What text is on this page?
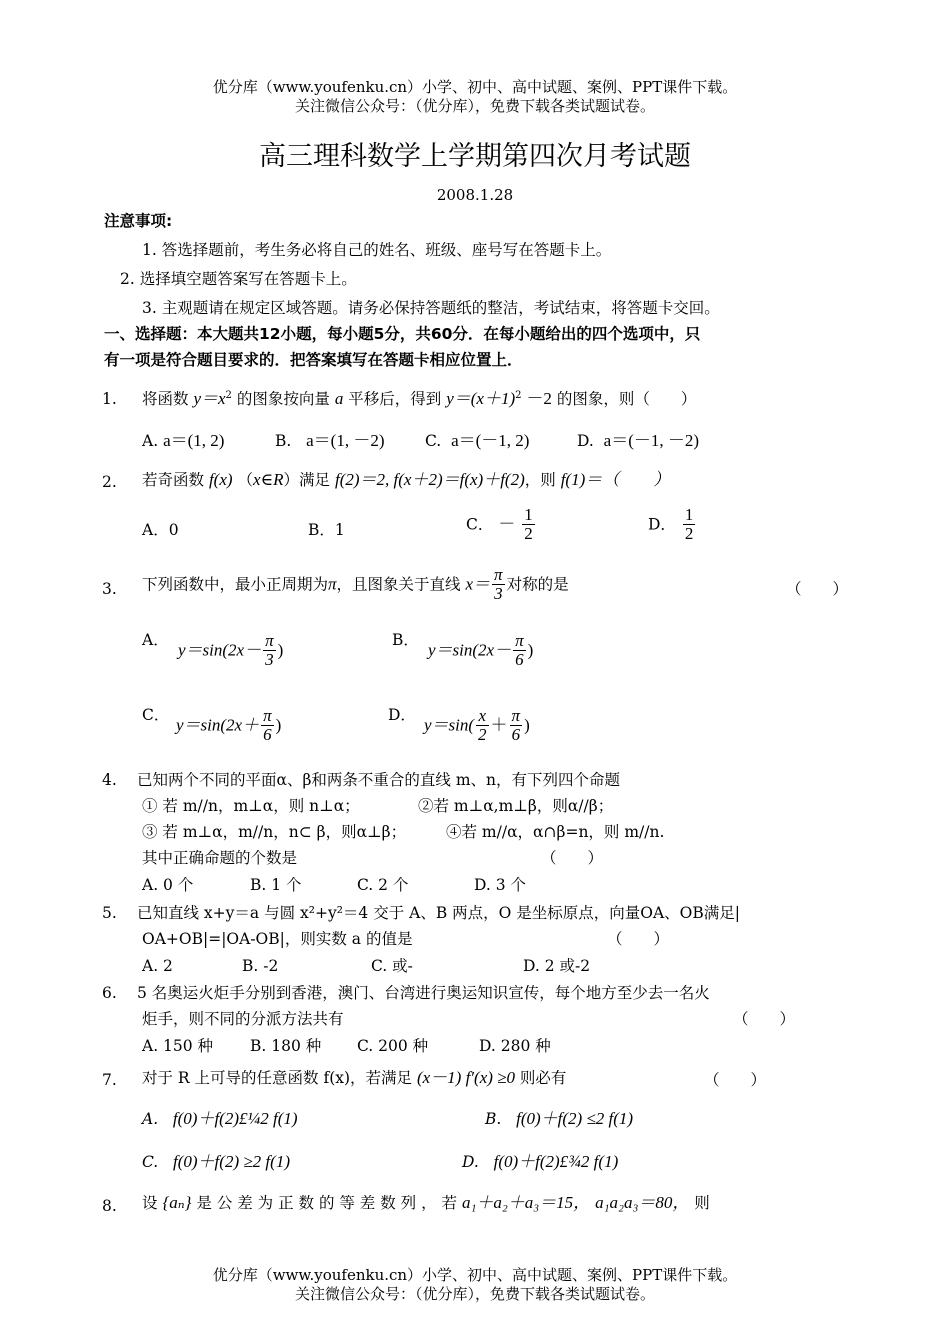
优分库（www.youfenku.cn）小学、初中、高中试题、案例、PPT课件下载。
关注微信公众号：（优分库），免费下载各类试题试卷。
高三理科数学上学期第四次月考试题
2008.1.28
注意事项:
1. 答选择题前，考生务必将自己的姓名、班级、座号写在答题卡上。
2. 选择填空题答案写在答题卡上。
3. 主观题请在规定区域答题。请务必保持答题纸的整洁，考试结束，将答题卡交回。
一、选择题：本大题共12小题，每小题5分，共60分．在每小题给出的四个选项中，只
有一项是符合题目要求的．把答案填写在答题卡相应位置上．
1. 将函数 $y=x^2$ 的图象按向量 a 平移后，得到 $y=(x+1)^2 -2$ 的图象，则（　　）
A. a＝(1, 2)	B. a＝(1, －2)	C. a＝(－1, 2)	D. a＝(－1, －2)
2. 若奇函数 f(x) （x∈R）满足 f(2)＝2, f(x＋2)＝f(x)＋f(2)，则 f(1)＝（　　）
A．0	B．1	C． － $\frac{1}{2}$	D． $\frac{1}{2}$
3. 下列函数中，最小正周期为π，且图象关于直线 $x= \frac{\pi}{3}$ 对称的是	（　　）
A．
$y=\sin(2x- \frac{\pi}{3}$ )
B．
$y=\sin(2x- \frac{\pi}{6}$ )
C．
$y=\sin(2x+ \frac{\pi}{6}$ )
D．
$y=\sin( \frac{x}{2} + \frac{\pi}{6}$ )
4. 已知两个不同的平面α、β和两条不重合的直线 m、n，有下列四个命题
① 若 m//n，m⊥α，则 n⊥α；	②若 m⊥α,m⊥β，则α//β；
③ 若 m⊥α，m//n，n⊂ β，则α⊥β；	④若 m//α，α∩β=n，则 m//n.
其中正确命题的个数是	（　　）
A. 0 个	B. 1 个	C. 2 个	D. 3 个
5. 已知直线 x+y＝a 与圆 x²+y²＝4 交于 A、B 两点，O 是坐标原点，向量OA、OB满足|
OA+OB|=|OA-OB|，则实数 a 的值是	（　　）
A. 2	B. -2	C. 或-	D. 2 或-2
6. 5 名奥运火炬手分别到香港，澳门、台湾进行奥运知识宣传，每个地方至少去一名火
炬手，则不同的分派方法共有	（　　）
A. 150 种 B. 180 种 C. 200 种	D. 280 种
7. 对于 R 上可导的任意函数 f(x)，若满足 (x－1) f′(x) ≥0 则必有	（　　）
A. f(0)＋f(2)£¼2 f(1)	B. f(0)＋f(2) ≤2 f(1)
C. f(0)＋f(2) ≥2 f(1)	D. f(0)＋f(2)£¾2 f(1)
8. 设 {aₙ} 是 公 差 为 正 数 的 等 差 数 列 ， 若 a₁＋a₂＋a₃＝15， a₁a₂a₃＝80， 则
优分库（www.youfenku.cn）小学、初中、高中试题、案例、PPT课件下载。
关注微信公众号：（优分库），免费下载各类试题试卷。
